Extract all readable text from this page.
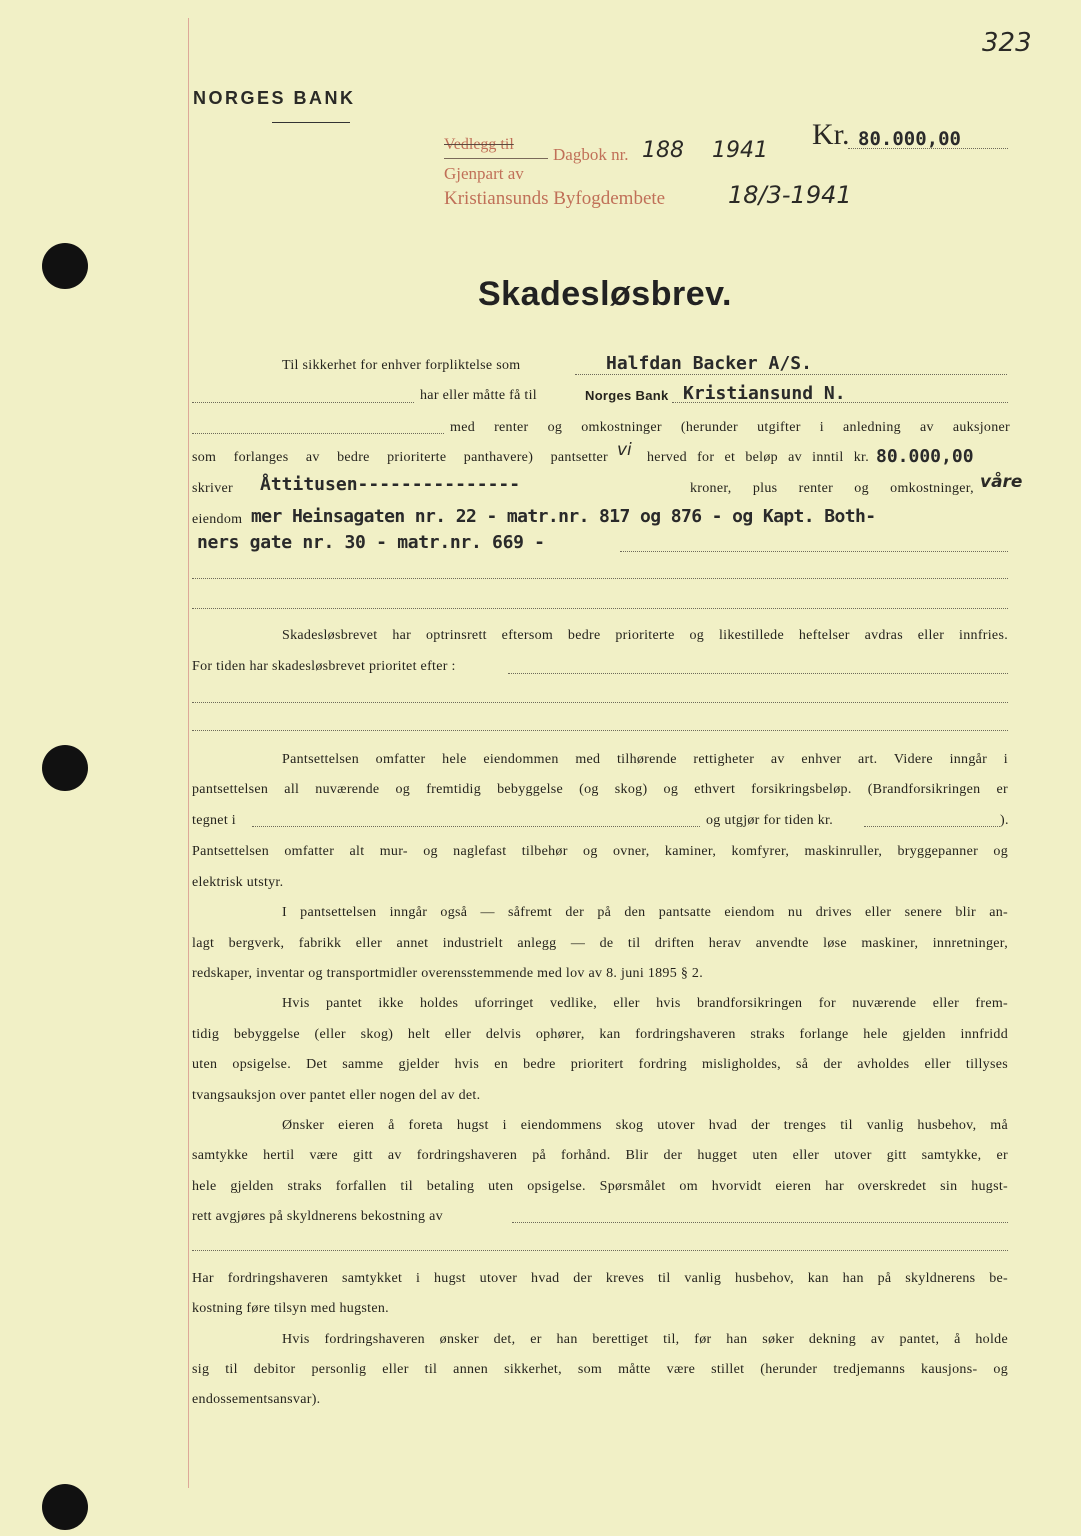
323
NORGES BANK
Vedlegg til
Dagbok nr. 188 1941
Gjenpart av
Kristiansunds Byfogdembete	18/3-1941
Kr. 80.000,00
Skadesløsbrev.
Til sikkerhet for enhver forpliktelse som	Halfdan Backer A/S.
har eller måtte få til	Norges Bank Kristiansund N.
med renter og omkostninger (herunder utgifter i anledning av auksjoner
som forlanges av bedre prioriterte panthavere) pantsetter vi herved for et beløp av inntil kr. 80.000,00
skriver Åttitusen---------------	kroner, plus renter og omkostninger, våre
eiendom mer Heinsagaten nr. 22 - matr.nr. 817 og 876 - og Kapt. Both-
ners gate nr. 30 - matr.nr. 669 -
Skadesløsbrevet har optrinsrett eftersom bedre prioriterte og likestillede heftelser avdras eller innfries.
For tiden har skadesløsbrevet prioritet efter :
Pantsettelsen omfatter hele eiendommen med tilhørende rettigheter av enhver art. Videre inngår i
pantsettelsen all nuværende og fremtidig bebyggelse (og skog) og ethvert forsikringsbeløp. (Brandforsikringen er
tegnet i	og utgjør for tiden kr.	).
Pantsettelsen omfatter alt mur- og naglefast tilbehør og ovner, kaminer, komfyrer, maskinruller, bryggepanner og
elektrisk utstyr.
I pantsettelsen inngår også — såfremt der på den pantsatte eiendom nu drives eller senere blir an-
lagt bergverk, fabrikk eller annet industrielt anlegg — de til driften herav anvendte løse maskiner, innretninger,
redskaper, inventar og transportmidler overensstemmende med lov av 8. juni 1895 § 2.
Hvis pantet ikke holdes uforringet vedlike, eller hvis brandforsikringen for nuværende eller frem-
tidig bebyggelse (eller skog) helt eller delvis ophører, kan fordringshaveren straks forlange hele gjelden innfridd
uten opsigelse. Det samme gjelder hvis en bedre prioritert fordring misligholdes, så der avholdes eller tillyses
tvangsauksjon over pantet eller nogen del av det.
Ønsker eieren å foreta hugst i eiendommens skog utover hvad der trenges til vanlig husbehov, må
samtykke hertil være gitt av fordringshaveren på forhånd. Blir der hugget uten eller utover gitt samtykke, er
hele gjelden straks forfallen til betaling uten opsigelse. Spørsmålet om hvorvidt eieren har overskredet sin hugst-
rett avgjøres på skyldnerens bekostning av
Har fordringshaveren samtykket i hugst utover hvad der kreves til vanlig husbehov, kan han på skyldnerens be-
kostning føre tilsyn med hugsten.
Hvis fordringshaveren ønsker det, er han berettiget til, før han søker dekning av pantet, å holde
sig til debitor personlig eller til annen sikkerhet, som måtte være stillet (herunder tredjemanns kausjons- og
endossementsansvar).
